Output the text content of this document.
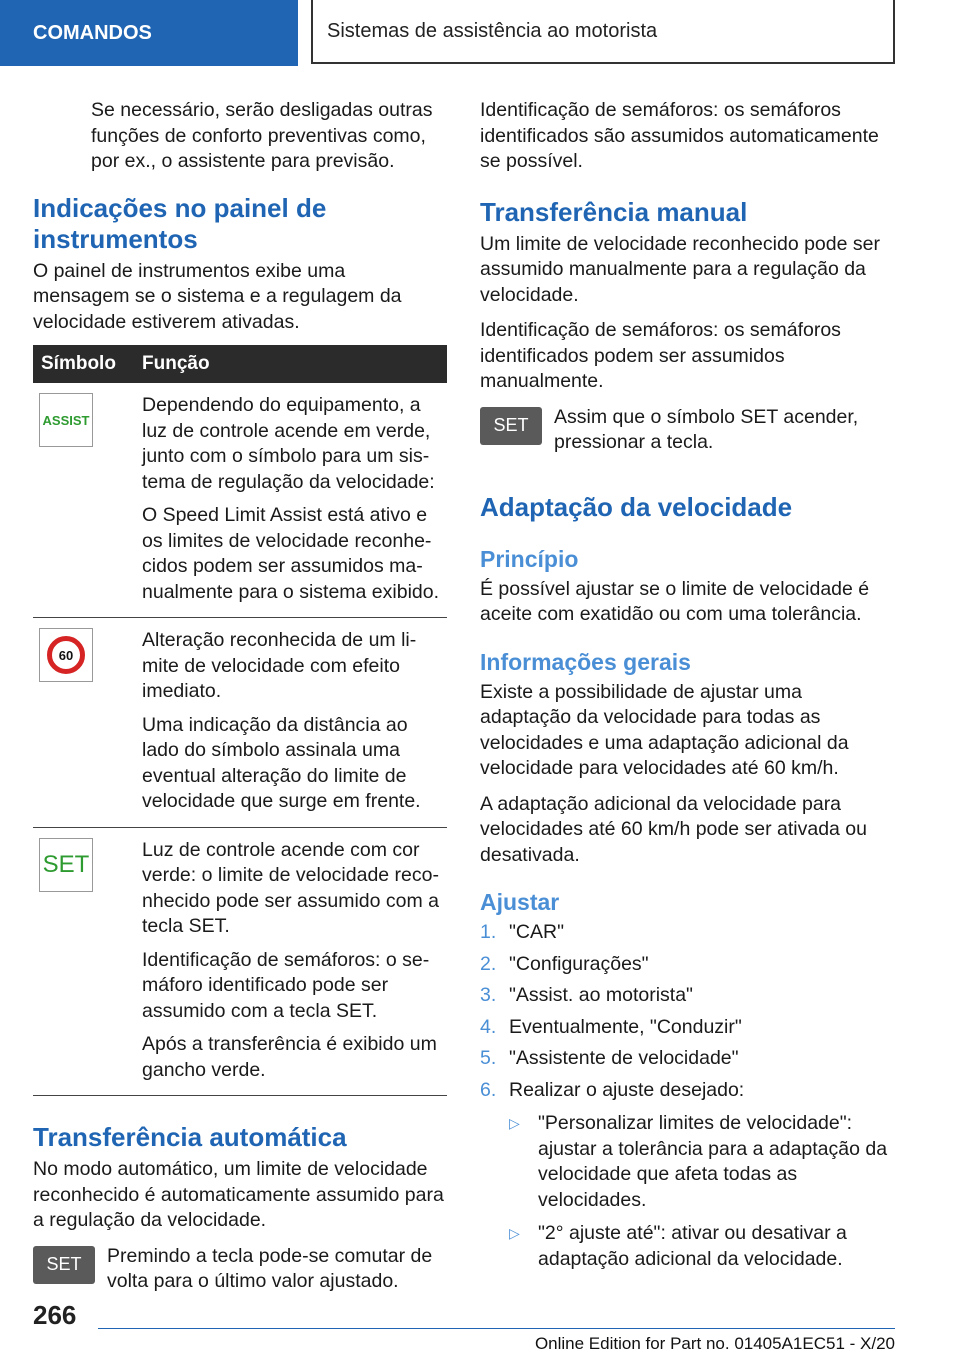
COMANDOS	Sistemas de assistência ao motorista

Se necessário, serão desligadas outras funções de conforto preventivas como, por ex., o assistente para previsão.

Indicações no painel de instrumentos

O painel de instrumentos exibe uma mensagem se o sistema e a regulagem da velocidade estiverem ativadas.

Símbolo	Função

ASSIST	Dependendo do equipamento, a luz de controle acende em verde, junto com o símbolo para um sistema de regulação da velocidade:

O Speed Limit Assist está ativo e os limites de velocidade reconhecidos podem ser assumidos manualmente para o sistema exibido.

60	Alteração reconhecida de um limite de velocidade com efeito imediato.

Uma indicação da distância ao lado do símbolo assinala uma eventual alteração do limite de velocidade que surge em frente.

SET	Luz de controle acende com cor verde: o limite de velocidade reconhecido pode ser assumido com a tecla SET.

Identificação de semáforos: o semáforo identificado pode ser assumido com a tecla SET.

Após a transferência é exibido um gancho verde.

Transferência automática

No modo automático, um limite de velocidade reconhecido é automaticamente assumido para a regulação da velocidade.

SET Premindo a tecla pode-se comutar de volta para o último valor ajustado.

Identificação de semáforos: os semáforos identificados são assumidos automaticamente se possível.

Transferência manual

Um limite de velocidade reconhecido pode ser assumido manualmente para a regulação da velocidade.

Identificação de semáforos: os semáforos identificados podem ser assumidos manualmente.

SET Assim que o símbolo SET acender, pressionar a tecla.

Adaptação da velocidade
Princípio

É possível ajustar se o limite de velocidade é aceite com exatidão ou com uma tolerância.

Informações gerais

Existe a possibilidade de ajustar uma adaptação da velocidade para todas as velocidades e uma adaptação adicional da velocidade para velocidades até 60 km/h.

A adaptação adicional da velocidade para velocidades até 60 km/h pode ser ativada ou desativada.

Ajustar
1. "CAR"
2. "Configurações"
3. "Assist. ao motorista"
4. Eventualmente, "Conduzir"
5. "Assistente de velocidade"
6. Realizar o ajuste desejado:
▷ "Personalizar limites de velocidade": ajustar a tolerância para a adaptação da velocidade que afeta todas as velocidades.
▷ "2° ajuste até": ativar ou desativar a adaptação adicional da velocidade.
266
Online Edition for Part no. 01405A1EC51 - X/20
